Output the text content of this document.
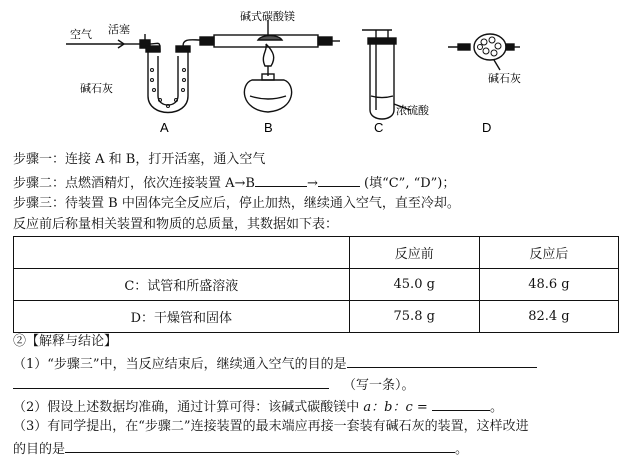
空气 活塞
碱石灰
碱式碳酸镁
浓硫酸
碱石灰
A	B	C	D
步骤一：连接 A 和 B，打开活塞，通入空气
步骤二：点燃酒精灯，依次连接装置 A→B	→	(填“C”, “D”)；
步骤三：待装置 B 中固体完全反应后，停止加热，继续通入空气，直至冷却。
反应前后称量相关装置和物质的总质量，其数据如下表：
	反应前	反应后
C：试管和所盛溶液	45.0 g	48.6 g
D：干燥管和固体	75.8 g	82.4 g
②【解释与结论】
（1）“步骤三”中，当反应结束后，继续通入空气的目的是
（写一条）。
（2）假设上述数据均准确，通过计算可得：该碱式碳酸镁中 a：b：c =	。
（3）有同学提出，在“步骤二”连接装置的最末端应再接一套装有碱石灰的装置，这样改进
的目的是	。
